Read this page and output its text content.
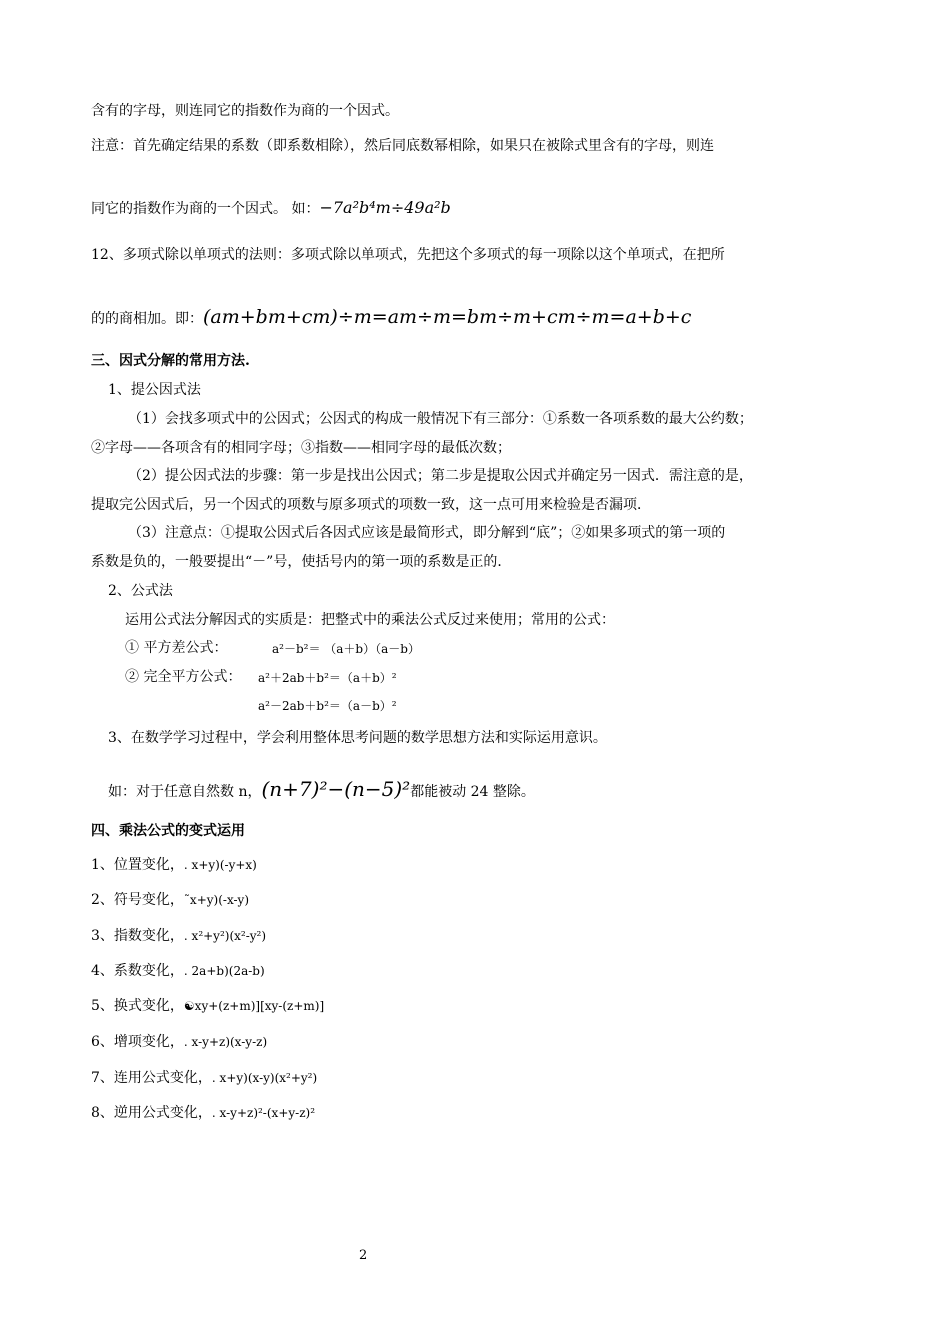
含有的字母，则连同它的指数作为商的一个因式。
注意：首先确定结果的系数（即系数相除），然后同底数幂相除，如果只在被除式里含有的字母，则连
同它的指数作为商的一个因式。 如：−7a²b⁴m÷49a²b
12、多项式除以单项式的法则：多项式除以单项式，先把这个多项式的每一项除以这个单项式，在把所
的的商相加。即：(am+bm+cm)÷m=am÷m=bm÷m+cm÷m=a+b+c
三、因式分解的常用方法.
1、提公因式法
（1）会找多项式中的公因式；公因式的构成一般情况下有三部分：①系数一各项系数的最大公约数；
②字母——各项含有的相同字母；③指数——相同字母的最低次数；
（2）提公因式法的步骤：第一步是找出公因式；第二步是提取公因式并确定另一因式．需注意的是，
提取完公因式后，另一个因式的项数与原多项式的项数一致，这一点可用来检验是否漏项．
（3）注意点：①提取公因式后各因式应该是最简形式，即分解到“底”；②如果多项式的第一项的
系数是负的，一般要提出“－”号，使括号内的第一项的系数是正的．
2、公式法
运用公式法分解因式的实质是：把整式中的乘法公式反过来使用；常用的公式：
① 平方差公式：	a²－b²＝ （a＋b）（a－b）
② 完全平方公式： a²＋2ab＋b²＝（a＋b）²
a²－2ab＋b²＝（a－b）²
3、在数学学习过程中，学会利用整体思考问题的数学思想方法和实际运用意识。
如：对于任意自然数 n，(n+7)²−(n−5)²都能被动 24 整除。
四、乘法公式的变式运用
1、位置变化，. x+y)(-y+x)
2、符号变化，˜x+y)(-x-y)
3、指数变化，. x²+y²)(x²-y²)
4、系数变化，. 2a+b)(2a-b)
5、换式变化，☯xy+(z+m)][xy-(z+m)]
6、增项变化，. x-y+z)(x-y-z)
7、连用公式变化，. x+y)(x-y)(x²+y²)
8、逆用公式变化，. x-y+z)²-(x+y-z)²
2
